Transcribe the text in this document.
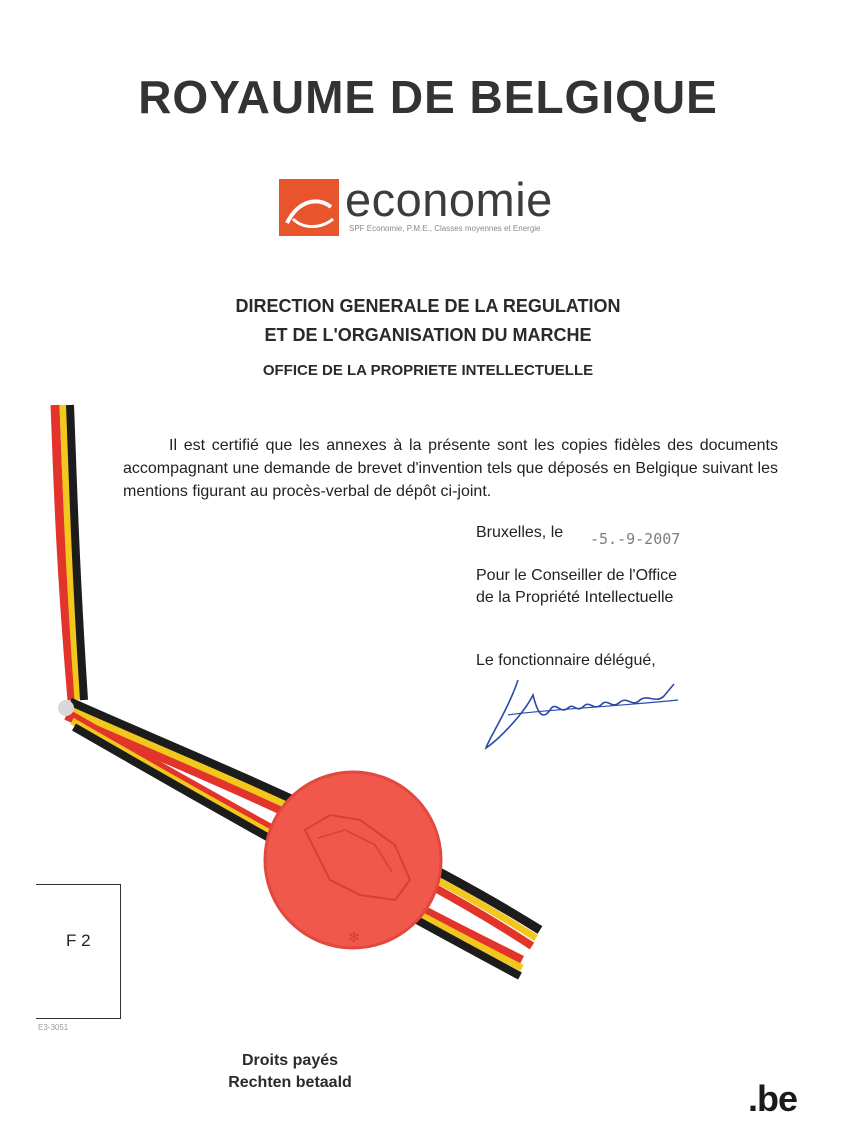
✻
ROYAUME DE BELGIQUE
economie
SPF Economie, P.M.E., Classes moyennes et Energie
DIRECTION GENERALE DE LA REGULATION
ET DE L'ORGANISATION DU MARCHE
OFFICE DE LA PROPRIETE INTELLECTUELLE
Il est certifié que les annexes à la présente sont les copies fidèles des documents accompagnant une demande de brevet d'invention tels que déposés en Belgique suivant les mentions figurant au procès-verbal de dépôt ci-joint.
Bruxelles, le -5.-9-2007
Pour le Conseiller de l'Office
de la Propriété Intellectuelle
Le fonctionnaire délégué,
F 2
E3-3051
Droits payés
Rechten betaald	.be
